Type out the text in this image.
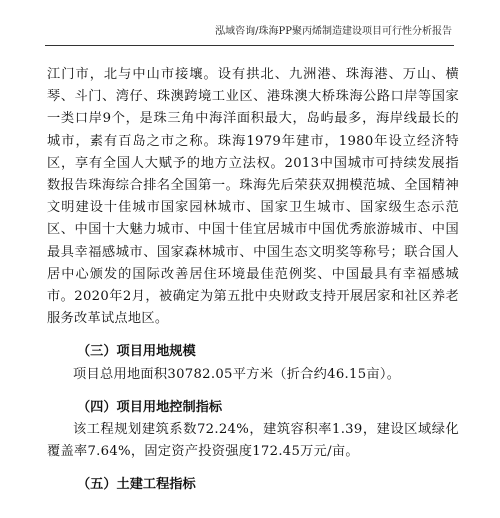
泓域咨询/珠海PP聚丙烯制造建设项目可行性分析报告

江门市，北与中山市接壤。设有拱北、九洲港、珠海港、万山、横琴、斗门、湾仔、珠澳跨境工业区、港珠澳大桥珠海公路口岸等国家一类口岸9个，是珠三角中海洋面积最大，岛屿最多，海岸线最长的城市，素有百岛之市之称。珠海1979年建市，1980年设立经济特区，享有全国人大赋予的地方立法权。2013中国城市可持续发展指数报告珠海综合排名全国第一。珠海先后荣获双拥模范城、全国精神文明建设十佳城市国家园林城市、国家卫生城市、国家级生态示范区、中国十大魅力城市、中国十佳宜居城市中国优秀旅游城市、中国最具幸福感城市、国家森林城市、中国生态文明奖等称号；联合国人居中心颁发的国际改善居住环境最佳范例奖、中国最具有幸福感城市。2020年2月，被确定为第五批中央财政支持开展居家和社区养老服务改革试点地区。

（三）项目用地规模

项目总用地面积30782.05平方米（折合约46.15亩）。

（四）项目用地控制指标

该工程规划建筑系数72.24%，建筑容积率1.39，建设区域绿化覆盖率7.64%，固定资产投资强度172.45万元/亩。

（五）土建工程指标
